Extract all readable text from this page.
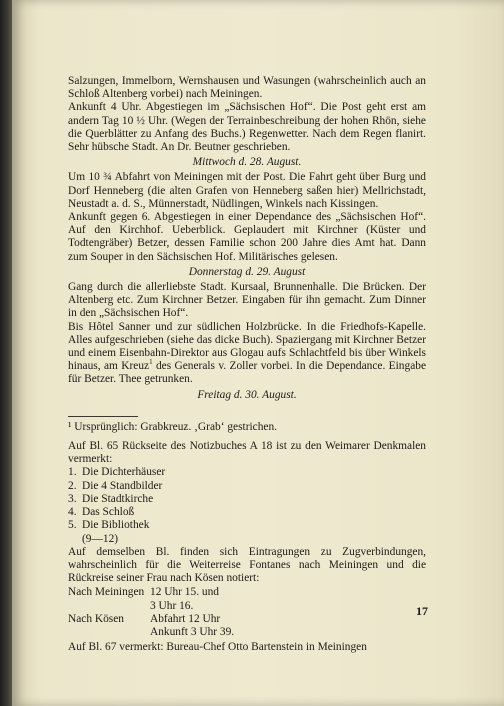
Salzungen, Immelborn, Wernshausen und Wasungen (wahrscheinlich auch an Schloß Altenberg vorbei) nach Meiningen.

Ankunft 4 Uhr. Abgestiegen im „Sächsischen Hof“. Die Post geht erst am andern Tag 10 ½ Uhr. (Wegen der Terrainbeschreibung der hohen Rhön, siehe die Querblätter zu Anfang des Buchs.) Regenwetter. Nach dem Regen flanirt. Sehr hübsche Stadt. An Dr. Beutner geschrieben.

Mittwoch d. 28. August.

Um 10 ¾ Abfahrt von Meiningen mit der Post. Die Fahrt geht über Burg und Dorf Henneberg (die alten Grafen von Henneberg saßen hier) Mellrichstadt, Neustadt a. d. S., Münnerstadt, Nüdlingen, Winkels nach Kissingen.

Ankunft gegen 6. Abgestiegen in einer Dependance des „Sächsischen Hof“. Auf den Kirchhof. Ueberblick. Geplaudert mit Kirchner (Küster und Todtengräber) Betzer, dessen Familie schon 200 Jahre dies Amt hat. Dann zum Souper in den Sächsischen Hof. Militärisches gelesen.

Donnerstag d. 29. August

Gang durch die allerliebste Stadt. Kursaal, Brunnenhalle. Die Brücken. Der Altenberg etc. Zum Kirchner Betzer. Eingaben für ihn gemacht. Zum Dinner in den „Sächsischen Hof“.

Bis Hôtel Sanner und zur südlichen Holzbrücke. In die Friedhofs-Kapelle. Alles aufgeschrieben (siehe das dicke Buch). Spaziergang mit Kirchner Betzer und einem Eisenbahn-Direktor aus Glogau aufs Schlachtfeld bis über Winkels hinaus, am Kreuz$^1$ des Generals v. Zoller vorbei. In die Dependance. Eingabe für Betzer. Thee getrunken.

Freitag d. 30. August.

¹ Ursprünglich: Grabkreuz. ‚Grab‘ gestrichen.

Auf Bl. 65 Rückseite des Notizbuches A 18 ist zu den Weimarer Denkmalen vermerkt:

1. Die Dichterhäuser
2. Die 4 Standbilder
3. Die Stadtkirche
4. Das Schloß
5. Die Bibliothek
(9—12)

Auf demselben Bl. finden sich Eintragungen zu Zugverbindungen, wahrscheinlich für die Weiterreise Fontanes nach Meiningen und die Rückreise seiner Frau nach Kösen notiert:

Nach Meiningen 12 Uhr 15. und
3 Uhr 16.
Nach Kösen	Abfahrt 12 Uhr
Ankunft 3 Uhr 39.

Auf Bl. 67 vermerkt: Bureau-Chef Otto Bartenstein in Meiningen

17
